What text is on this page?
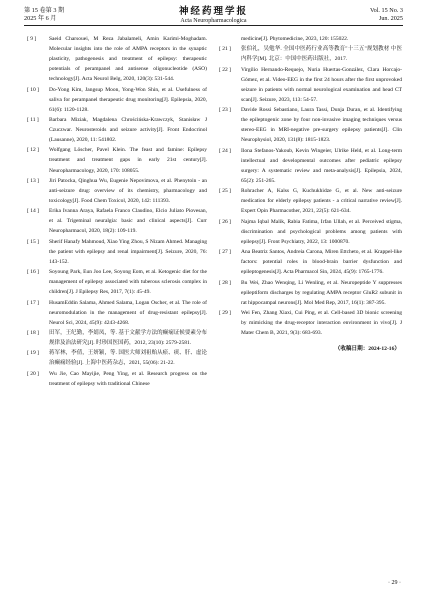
第 15 卷第 3 期
2025 年 6 月
神经药理学报
Acta Neuropharmacologica
Vol. 15 No. 3
Jun. 2025
[ 9 ]	Saeid Charsouei, M Reza Jabalameli, Amin Karimi-Moghadam. Molecular insights into the role of AMPA receptors in the synaptic plasticity, pathogenesis and treatment of epilepsy: therapeutic potentials of perampanel and antisense oligonucleotide (ASO) technology[J]. Acta Neurol Belg, 2020, 120(3): 531-544.
[ 10 ]	Do-Yong Kim, Jangsup Moon, Yong-Won Shin, et al. Usefulness of saliva for perampanel therapeutic drug monitoring[J]. Epilepsia, 2020, 61(6): 1120-1128.
[ 11 ]	Barbara Miziak, Magdalena Chrościńska-Krawczyk, Stanisław J Czuczwar. Neurosteroids and seizure activity[J]. Front Endocrinol (Lausanne), 2020, 11: 541802.
[ 12 ]	Wolfgang Löscher, Pavel Klein. The feast and famine: Epilepsy treatment and treatment gaps in early 21st century[J]. Neuropharmacology, 2020, 170: 108055.
[ 13 ]	Jiri Patocka, Qinghua Wu, Eugenie Nepovimova, et al. Phenytoin - an anti-seizure drug: overview of its chemistry, pharmacology and toxicology[J]. Food Chem Toxicol, 2020, 142: 111393.
[ 14 ]	Erika Ivanna Araya, Rafaela Franco Claudino, Elcio Juliato Piovesan, et al. Trigeminal neuralgia: basic and clinical aspects[J]. Curr Neuropharmacol, 2020, 18(2): 109-119.
[ 15 ]	Sherif Hanafy Mahmoud, Xiao Ying Zhou, S Nizam Ahmed. Managing the patient with epilepsy and renal impairment[J]. Seizure, 2020, 76: 143-152.
[ 16 ]	Soyoung Park, Eun Joo Lee, Soyong Eom, et al. Ketogenic diet for the management of epilepsy associated with tuberous sclerosis complex in children[J]. J Epilepsy Res, 2017, 7(1): 45-49.
[ 17 ]	HusamEddin Salama, Ahmed Salama, Logan Oscher, et al. The role of neuromodulation in the management of drug-resistant epilepsy[J]. Neurol Sci, 2024, 45(9): 4243-4268.
[ 18 ]	田军，王纪勤，李婧凤，等. 基于文献学方法的癫痫证候要素分布规律及治法研究[J]. 时珍国医国药，2012, 23(10): 2579-2581.
[ 19 ]	蒋军林，李倩，王妍颖，等. 国医大师刘祖贻从瘀、痰、肝、虚论治癫痫经验[J]. 上海中医药杂志，2021, 55(06): 21-22.
[ 20 ]	Wu Jie, Cao Mayijie, Peng Ying, et al. Research progress on the treatment of epilepsy with traditional Chinese
medicine[J]. Phytomedicine, 2023, 120: 155022.
[ 21 ]	张伯礼，吴勉华. 全国中医药行业高等教育"十三五"规划教材 中医内科学[M]. 北京：中国中医药出版社，2017.
[ 22 ]	Virgilio Hernando-Requejo, Nuria Huertas-González, Clara Horcajo-Gómez, et al. Video-EEG in the first 24 hours after the first unprovoked seizure in patients with normal neurological examination and head CT scan[J]. Seizure, 2023, 113: 54-57.
[ 23 ]	Davide Rossi Sebastiano, Laura Tassi, Dunja Duran, et al. Identifying the epileptogenic zone by four non-invasive imaging techniques versus stereo-EEG in MRI-negative pre-surgery epilepsy patients[J]. Clin Neurophysiol, 2020, 131(8): 1815-1823.
[ 24 ]	Ilona Stefanos-Yakoub, Kevin Wingeier, Ulrike Held, et al. Long-term intellectual and developmental outcomes after pediatric epilepsy surgery: A systematic review and meta-analysis[J]. Epilepsia, 2024, 65(2): 251-265.
[ 25 ]	Rohracher A, Kalss G, Kuchukhidze G, et al. New anti-seizure medication for elderly epilepsy patients - a critical narrative review[J]. Expert Opin Pharmacother, 2021, 22(5): 621-634.
[ 26 ]	Najma Iqbal Malik, Rabia Fatima, Irfan Ullah, et al. Perceived stigma, discrimination and psychological problems among patients with epilepsy[J]. Front Psychiatry, 2022, 13: 1000870.
[ 27 ]	Ana Beatriz Santos, Andreia Carona, Miren Ettcheto, et al. Krappel-like factors: potential roles in blood-brain barrier dysfunction and epileptogenesis[J]. Acta Pharmacol Sin, 2024, 45(9): 1765-1776.
[ 28 ]	Bu Wei, Zhao Wenqing, Li Wenling, et al. Neuropeptide Y suppresses epileptiform discharges by regulating AMPA receptor GluR2 subunit in rat hippocampal neurons[J]. Mol Med Rep, 2017, 16(1): 387-395.
[ 29 ]	Wei Fen, Zhang Xiaxi, Cui Ping, et al. Cell-based 3D bionic screening by mimicking the drug-receptor interaction environment in vivo[J]. J Mater Chem B, 2021, 9(3): 683-693.
（收稿日期：2024-12-16）
· 29 ·
